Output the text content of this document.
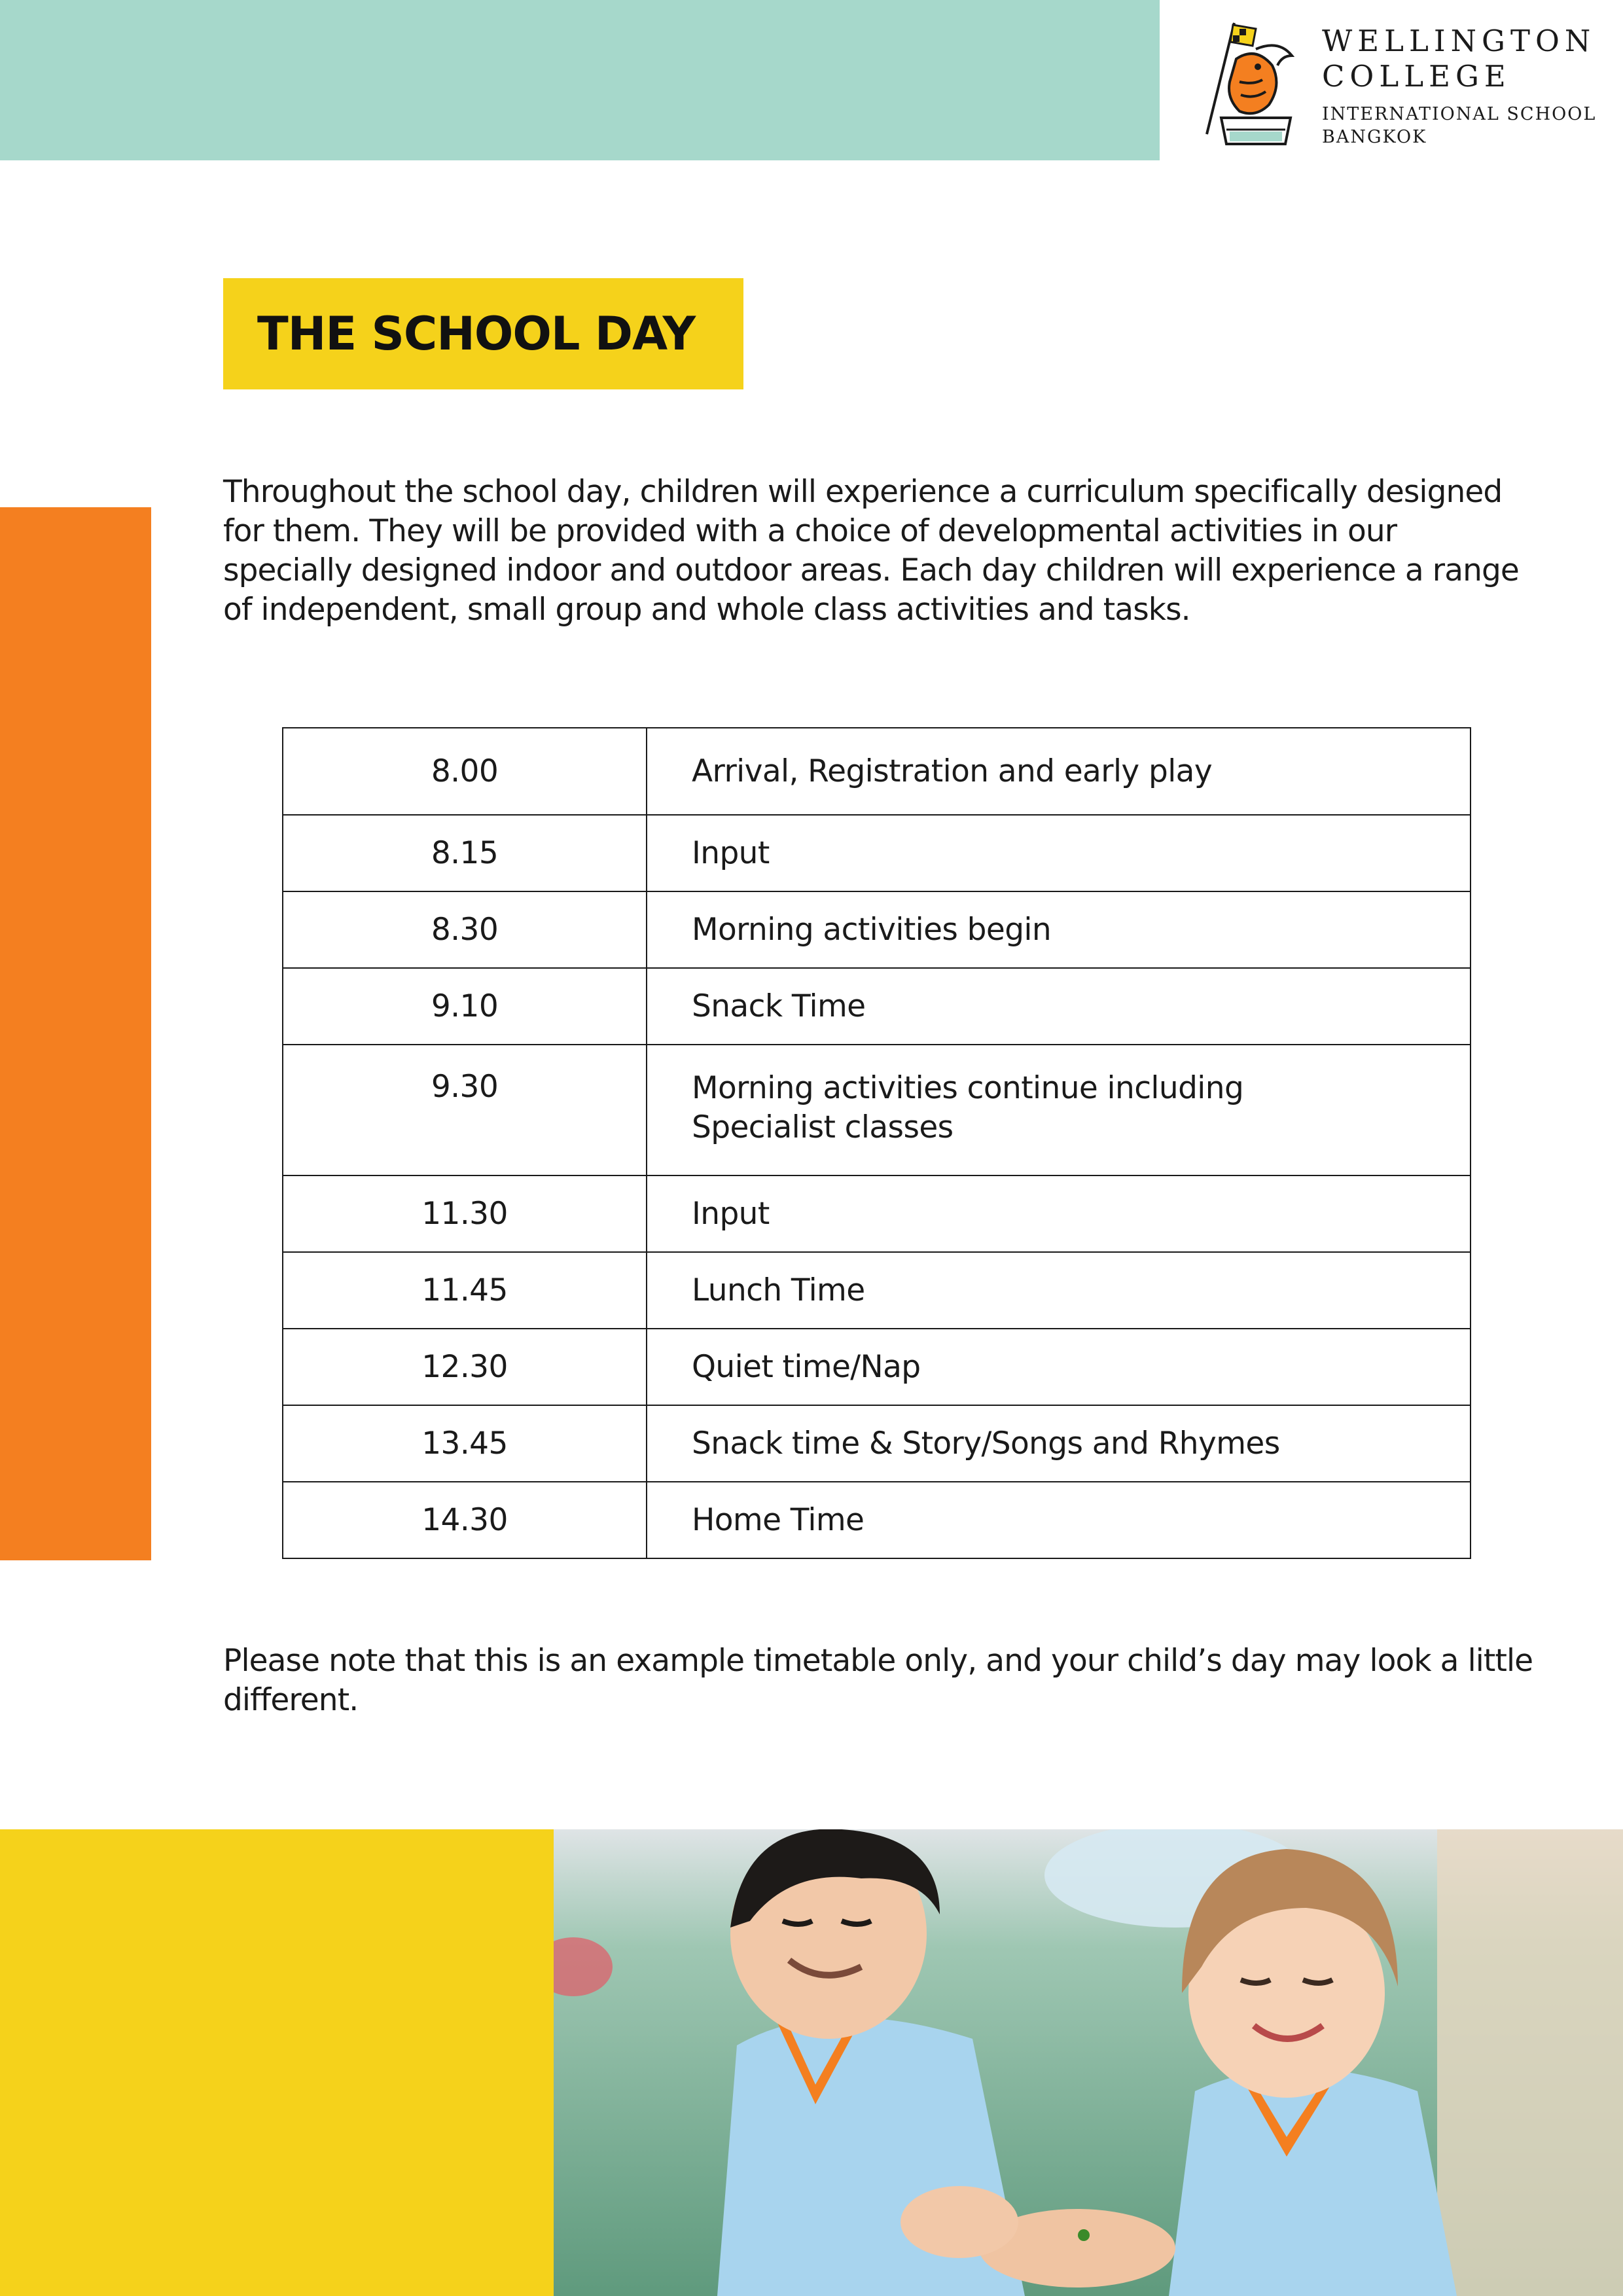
WELLINGTON
COLLEGE
INTERNATIONAL SCHOOL
BANGKOK
THE SCHOOL DAY
Throughout the school day, children will experience a curriculum specifically designed
for them. They will be provided with a choice of developmental activities in our
specially designed indoor and outdoor areas. Each day children will experience a range
of independent, small group and whole class activities and tasks.
8.00	Arrival, Registration and early play
8.15	Input
8.30	Morning activities begin
9.10	Snack Time
9.30	Morning activities continue including
Specialist classes

11.30	Input
11.45	Lunch Time
12.30	Quiet time/Nap
13.45	Snack time & Story/Songs and Rhymes
14.30	Home Time
Please note that this is an example timetable only, and your child’s day may look a little
different.
